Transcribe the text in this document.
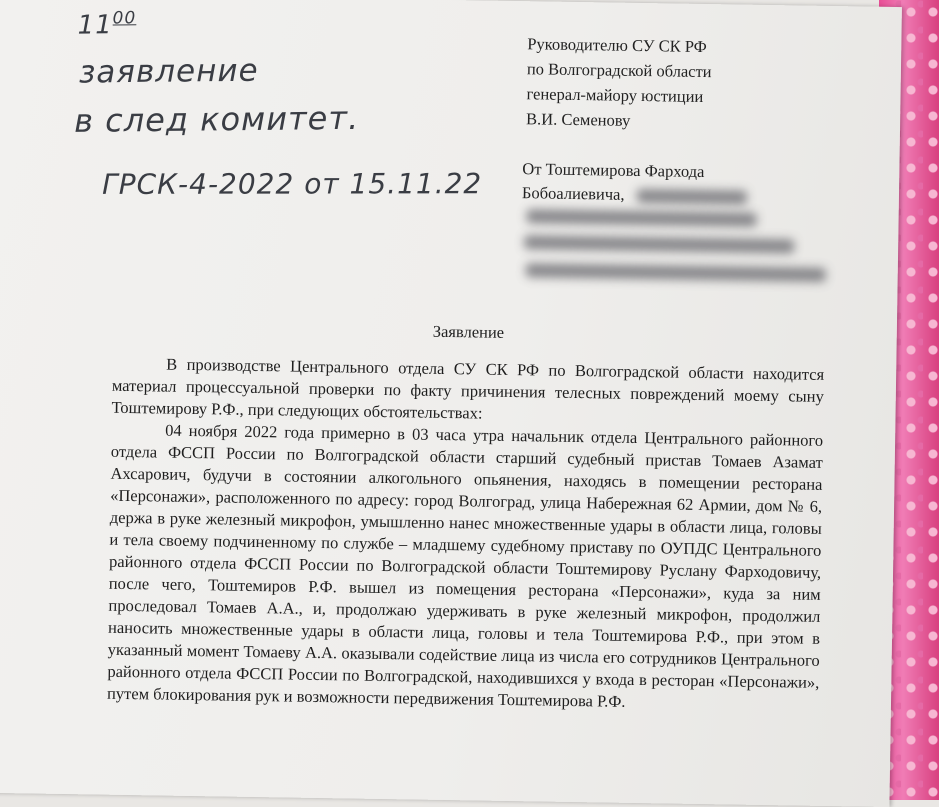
$11^{00}$
заявление
в след комитет.
ГРСК-4-2022 от 15.11.22
Руководителю СУ СК РФ
по Волгоградской области
генерал-майору юстиции
В.И. Семенову
От Тоштемирова Фархода
Бобоалиевича,
Заявление

В производстве Центрального отдела СУ СК РФ по Волгоградской области находится материал процессуальной проверки по факту причинения телесных повреждений моему сыну Тоштемирову Р.Ф., при следующих обстоятельствах:

04 ноября 2022 года примерно в 03 часа утра начальник отдела Центрального районного отдела ФССП России по Волгоградской области старший судебный пристав Томаев Азамат Ахсарович, будучи в состоянии алкогольного опьянения, находясь в помещении ресторана «Персонажи», расположенного по адресу: город Волгоград, улица Набережная 62 Армии, дом № 6, держа в руке железный микрофон, умышленно нанес множественные удары в области лица, головы и тела своему подчиненному по службе – младшему судебному приставу по ОУПДС Центрального районного отдела ФССП России по Волгоградской области Тоштемирову Руслану Фарходовичу, после чего, Тоштемиров Р.Ф. вышел из помещения ресторана «Персонажи», куда за ним проследовал Томаев А.А., и, продолжаю удерживать в руке железный микрофон, продолжил наносить множественные удары в области лица, головы и тела Тоштемирова Р.Ф., при этом в указанный момент Томаеву А.А. оказывали содействие лица из числа его сотрудников Центрального районного отдела ФССП России по Волгоградской, находившихся у входа в ресторан «Персонажи», путем блокирования рук и возможности передвижения Тоштемирова Р.Ф.
